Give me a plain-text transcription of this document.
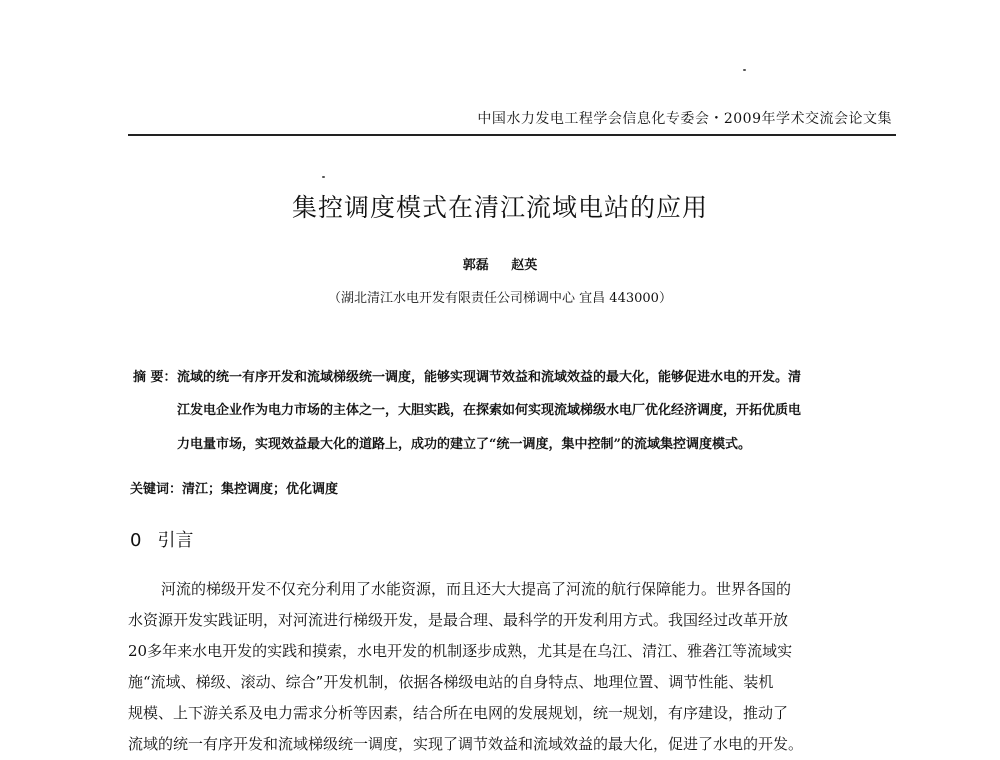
中国水力发电工程学会信息化专委会・2009年学术交流会论文集
集控调度模式在清江流域电站的应用
郭磊 赵英
（湖北清江水电开发有限责任公司梯调中心 宜昌 443000）
摘 要： 流域的统一有序开发和流域梯级统一调度，能够实现调节效益和流域效益的最大化，能够促进水电的开发。清
江发电企业作为电力市场的主体之一，大胆实践，在探索如何实现流域梯级水电厂优化经济调度，开拓优质电
力电量市场，实现效益最大化的道路上，成功的建立了“统一调度，集中控制”的流域集控调度模式。
关键词：清江；集控调度；优化调度
0 引言
河流的梯级开发不仅充分利用了水能资源，而且还大大提高了河流的航行保障能力。世界各国的
水资源开发实践证明，对河流进行梯级开发，是最合理、最科学的开发利用方式。我国经过改革开放
20多年来水电开发的实践和摸索，水电开发的机制逐步成熟，尤其是在乌江、清江、雅砻江等流域实
施“流域、梯级、滚动、综合”开发机制，依据各梯级电站的自身特点、地理位置、调节性能、装机
规模、上下游关系及电力需求分析等因素，结合所在电网的发展规划，统一规划，有序建设，推动了
流域的统一有序开发和流域梯级统一调度，实现了调节效益和流域效益的最大化，促进了水电的开发。
